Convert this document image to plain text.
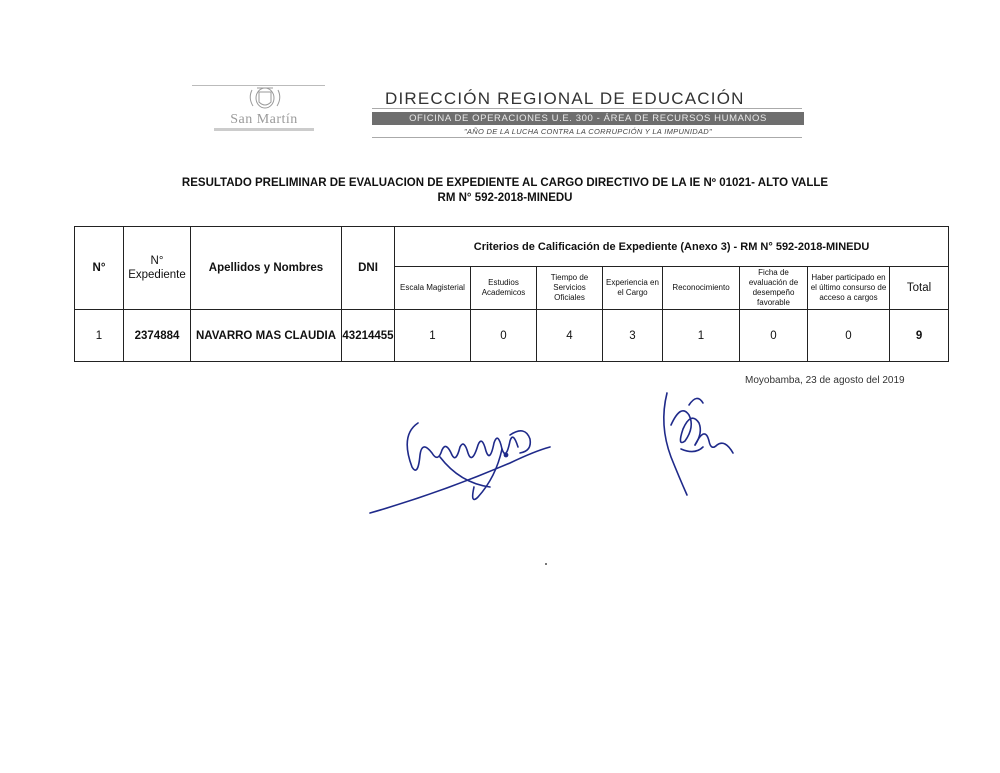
San Martín
DIRECCIÓN REGIONAL DE EDUCACIÓN
OFICINA DE OPERACIONES U.E. 300 - ÁREA DE RECURSOS HUMANOS
"AÑO DE LA LUCHA CONTRA LA CORRUPCIÓN Y LA IMPUNIDAD"
RESULTADO PRELIMINAR DE EVALUACION DE EXPEDIENTE AL CARGO DIRECTIVO DE LA IE Nº 01021- ALTO VALLE
RM N° 592-2018-MINEDU
N°	N° Expediente	Apellidos y Nombres	DNI	Criterios de Calificación de Expediente (Anexo 3) - RM N° 592-2018-MINEDU							
				Escala Magisterial	Estudios Academicos	Tiempo de Servicios Oficiales	Experiencia en el Cargo	Reconocimiento	Ficha de evaluación de desempeño favorable	Haber participado en el último consurso de acceso a cargos	Total
1	2374884	NAVARRO MAS CLAUDIA	43214455	1	0	4	3	1	0	0	9
Moyobamba, 23 de agosto del 2019
